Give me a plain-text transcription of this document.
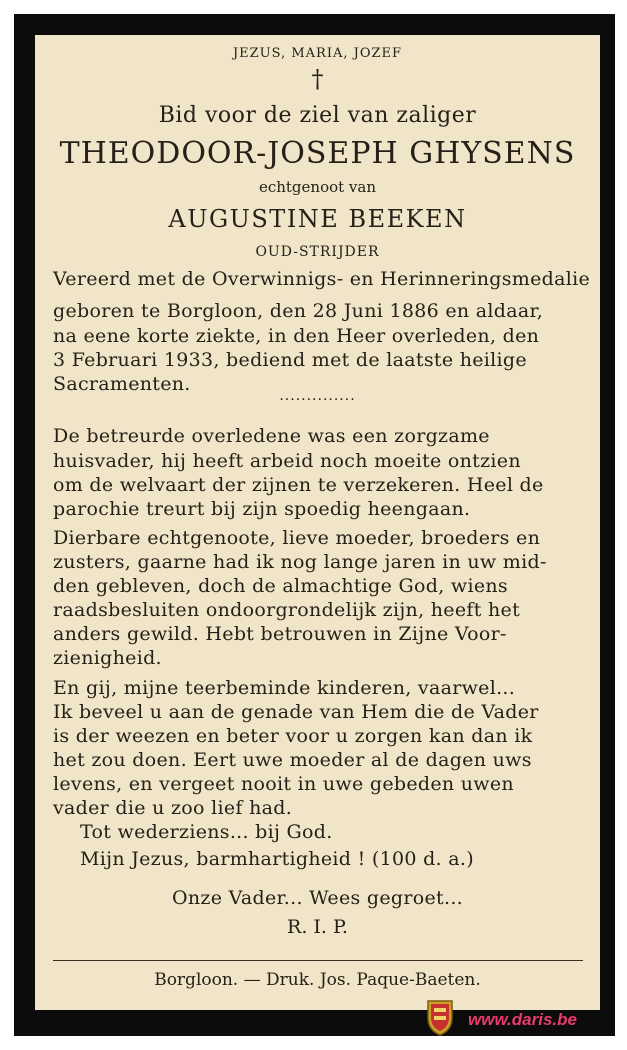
JEZUS, MARIA, JOZEF
†
Bid voor de ziel van zaliger
THEODOOR-JOSEPH GHYSENS
echtgenoot van
AUGUSTINE BEEKEN
OUD-STRIJDER
Vereerd met de Overwinnigs- en Herinneringsmedalie
geboren te Borgloon, den 28 Juni 1886 en aldaar,
na eene korte ziekte, in den Heer overleden, den
3 Februari 1933, bediend met de laatste heilige
Sacramenten.
..............
De betreurde overledene was een zorgzame
huisvader, hij heeft arbeid noch moeite ontzien
om de welvaart der zijnen te verzekeren. Heel de
parochie treurt bij zijn spoedig heengaan.
Dierbare echtgenoote, lieve moeder, broeders en
zusters, gaarne had ik nog lange jaren in uw mid-
den gebleven, doch de almachtige God, wiens
raadsbesluiten ondoorgrondelijk zijn, heeft het
anders gewild. Hebt betrouwen in Zijne Voor-
zienigheid.
En gij, mijne teerbeminde kinderen, vaarwel...
Ik beveel u aan de genade van Hem die de Vader
is der weezen en beter voor u zorgen kan dan ik
het zou doen. Eert uwe moeder al de dagen uws
levens, en vergeet nooit in uwe gebeden uwen
vader die u zoo lief had.
Tot wederziens... bij God.
Mijn Jezus, barmhartigheid ! (100 d. a.)
Onze Vader... Wees gegroet...
R. I. P.
Borgloon. — Druk. Jos. Paque-Baeten.
www.daris.be
